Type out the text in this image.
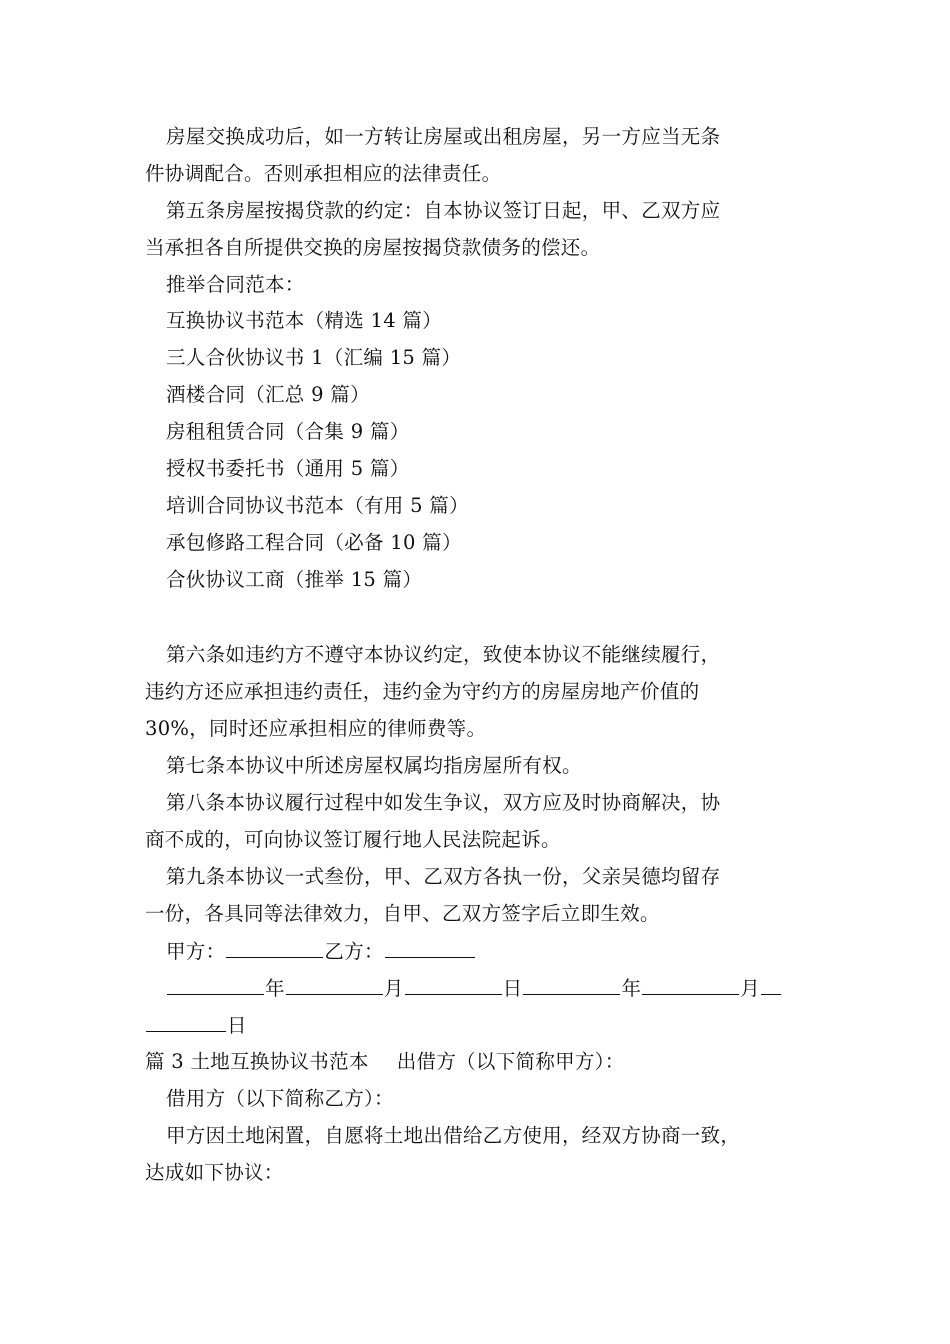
房屋交换成功后，如一方转让房屋或出租房屋，另一方应当无条
件协调配合。否则承担相应的法律责任。
第五条房屋按揭贷款的约定：自本协议签订日起，甲、乙双方应
当承担各自所提供交换的房屋按揭贷款债务的偿还。
推举合同范本：
互换协议书范本（精选 14 篇）
三人合伙协议书 1（汇编 15 篇）
酒楼合同（汇总 9 篇）
房租租赁合同（合集 9 篇）
授权书委托书（通用 5 篇）
培训合同协议书范本（有用 5 篇）
承包修路工程合同（必备 10 篇）
合伙协议工商（推举 15 篇）
第六条如违约方不遵守本协议约定，致使本协议不能继续履行，
违约方还应承担违约责任，违约金为守约方的房屋房地产价值的
30%，同时还应承担相应的律师费等。
第七条本协议中所述房屋权属均指房屋所有权。
第八条本协议履行过程中如发生争议，双方应及时协商解决，协
商不成的，可向协议签订履行地人民法院起诉。
第九条本协议一式叁份，甲、乙双方各执一份，父亲吴德均留存
一份，各具同等法律效力，自甲、乙双方签字后立即生效。
甲方：	乙方：
年	月	日	年	月
日
篇 3 土地互换协议书范本 出借方（以下简称甲方）：
借用方（以下简称乙方）：
甲方因土地闲置，自愿将土地出借给乙方使用，经双方协商一致，
达成如下协议：
